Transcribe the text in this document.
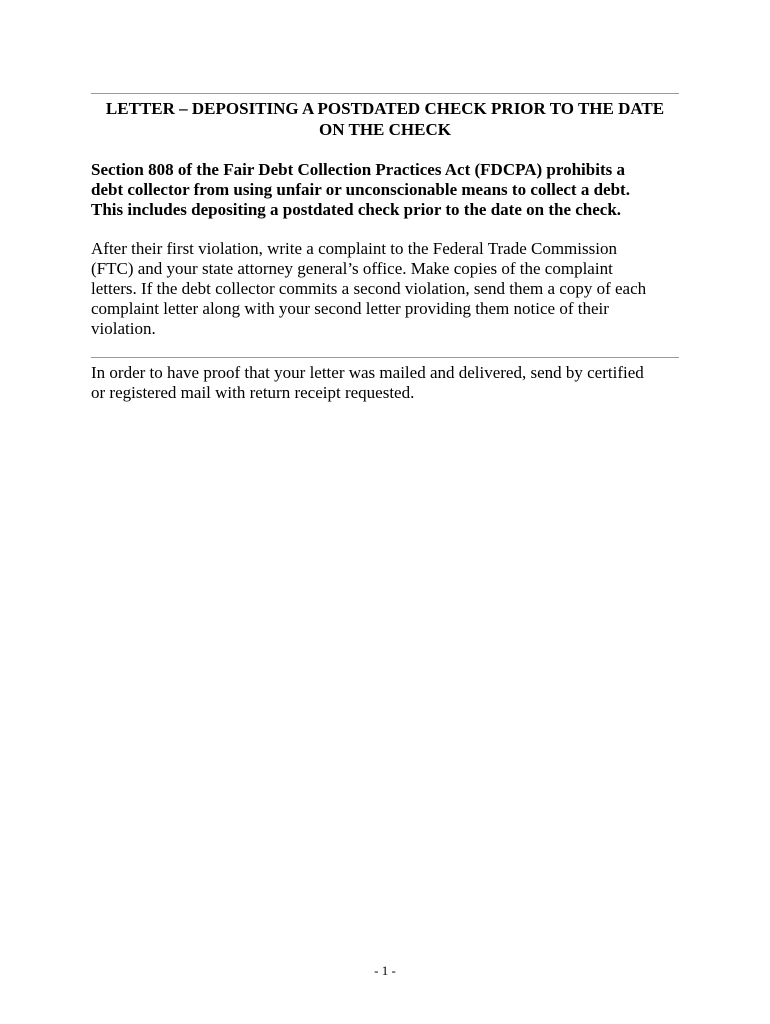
LETTER – DEPOSITING A POSTDATED CHECK PRIOR TO THE DATE
ON THE CHECK
Section 808 of the Fair Debt Collection Practices Act (FDCPA) prohibits a
debt collector from using unfair or unconscionable means to collect a debt.
This includes depositing a postdated check prior to the date on the check.
After their first violation, write a complaint to the Federal Trade Commission
(FTC) and your state attorney general’s office. Make copies of the complaint
letters. If the debt collector commits a second violation, send them a copy of each
complaint letter along with your second letter providing them notice of their
violation.
In order to have proof that your letter was mailed and delivered, send by certified
or registered mail with return receipt requested.
- 1 -
